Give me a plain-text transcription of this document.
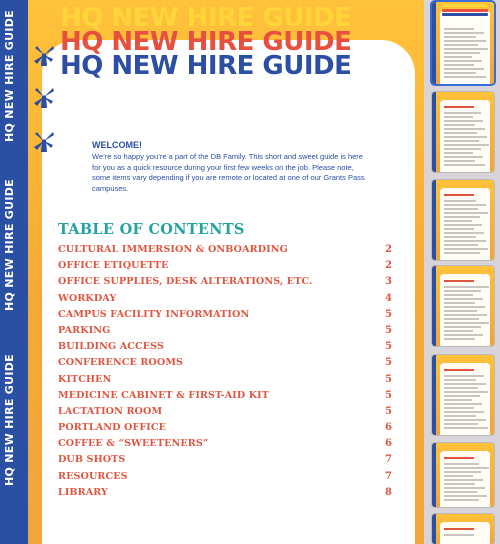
HQ NEW HIRE GUIDE
HQ NEW HIRE GUIDE
HQ NEW HIRE GUIDE
HQ NEW HIRE GUIDE
HQ NEW HIRE GUIDE
HQ NEW HIRE GUIDE
WELCOME!
We’re so happy you’re a part of the DB Family. This short and sweet guide is here for you as a quick resource during your first few weeks on the job. Please note, some items vary depending if you are remote or located at one of our Grants Pass campuses.
TABLE OF CONTENTS
CULTURAL IMMERSION & ONBOARDING	2
OFFICE ETIQUETTE	2
OFFICE SUPPLIES, DESK ALTERATIONS, ETC.	3
WORKDAY	4
CAMPUS FACILITY INFORMATION	5
PARKING	5
BUILDING ACCESS	5
CONFERENCE ROOMS	5
KITCHEN	5
MEDICINE CABINET & FIRST-AID KIT	5
LACTATION ROOM	5
PORTLAND OFFICE	6
COFFEE & “SWEETENERS”	6
DUB SHOTS	7
RESOURCES	7
LIBRARY	8
